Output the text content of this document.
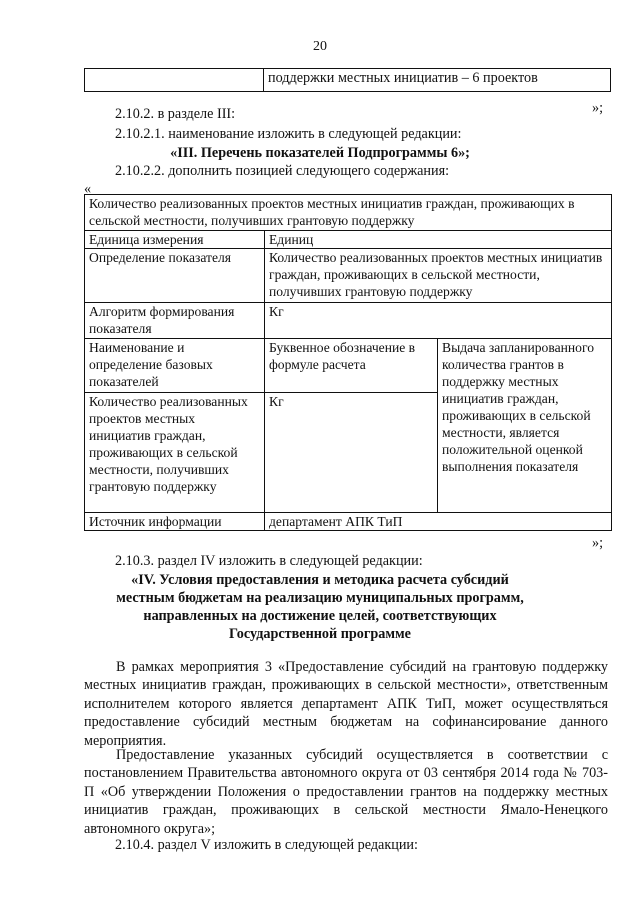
20
	поддержки местных инициатив – 6 проектов
»;
2.10.2. в разделе III:
2.10.2.1. наименование изложить в следующей редакции:
«III. Перечень показателей Подпрограммы 6»;
2.10.2.2. дополнить позицией следующего содержания:
«
Количество реализованных проектов местных инициатив граждан, проживающих в сельской местности, получивших грантовую поддержку		
Единица измерения	Единиц	
Определение показателя	Количество реализованных проектов местных инициатив граждан, проживающих в сельской местности, получивших грантовую поддержку	
Алгоритм формирования показателя	Кг	
Наименование и определение базовых показателей	Буквенное обозначение в формуле расчета	Выдача запланированного количества грантов в поддержку местных инициатив граждан, проживающих в сельской местности, является положительной оценкой выполнения показателя
Количество реализованных проектов местных инициатив граждан, проживающих в сельской местности, получивших грантовую поддержку	Кг	
Источник информации	департамент АПК ТиП	
»;
2.10.3. раздел IV изложить в следующей редакции:
«IV. Условия предоставления и методика расчета субсидий
местным бюджетам на реализацию муниципальных программ,
направленных на достижение целей, соответствующих
Государственной программе

В рамках мероприятия 3 «Предоставление субсидий на грантовую поддержку местных инициатив граждан, проживающих в сельской местности», ответственным исполнителем которого является департамент АПК ТиП, может осуществляться предоставление субсидий местным бюджетам на софинансирование данного мероприятия.

Предоставление указанных субсидий осуществляется в соответствии с постановлением Правительства автономного округа от 03 сентября 2014 года № 703-П «Об утверждении Положения о предоставлении грантов на поддержку местных инициатив граждан, проживающих в сельской местности Ямало-Ненецкого автономного округа»;

2.10.4. раздел V изложить в следующей редакции:
